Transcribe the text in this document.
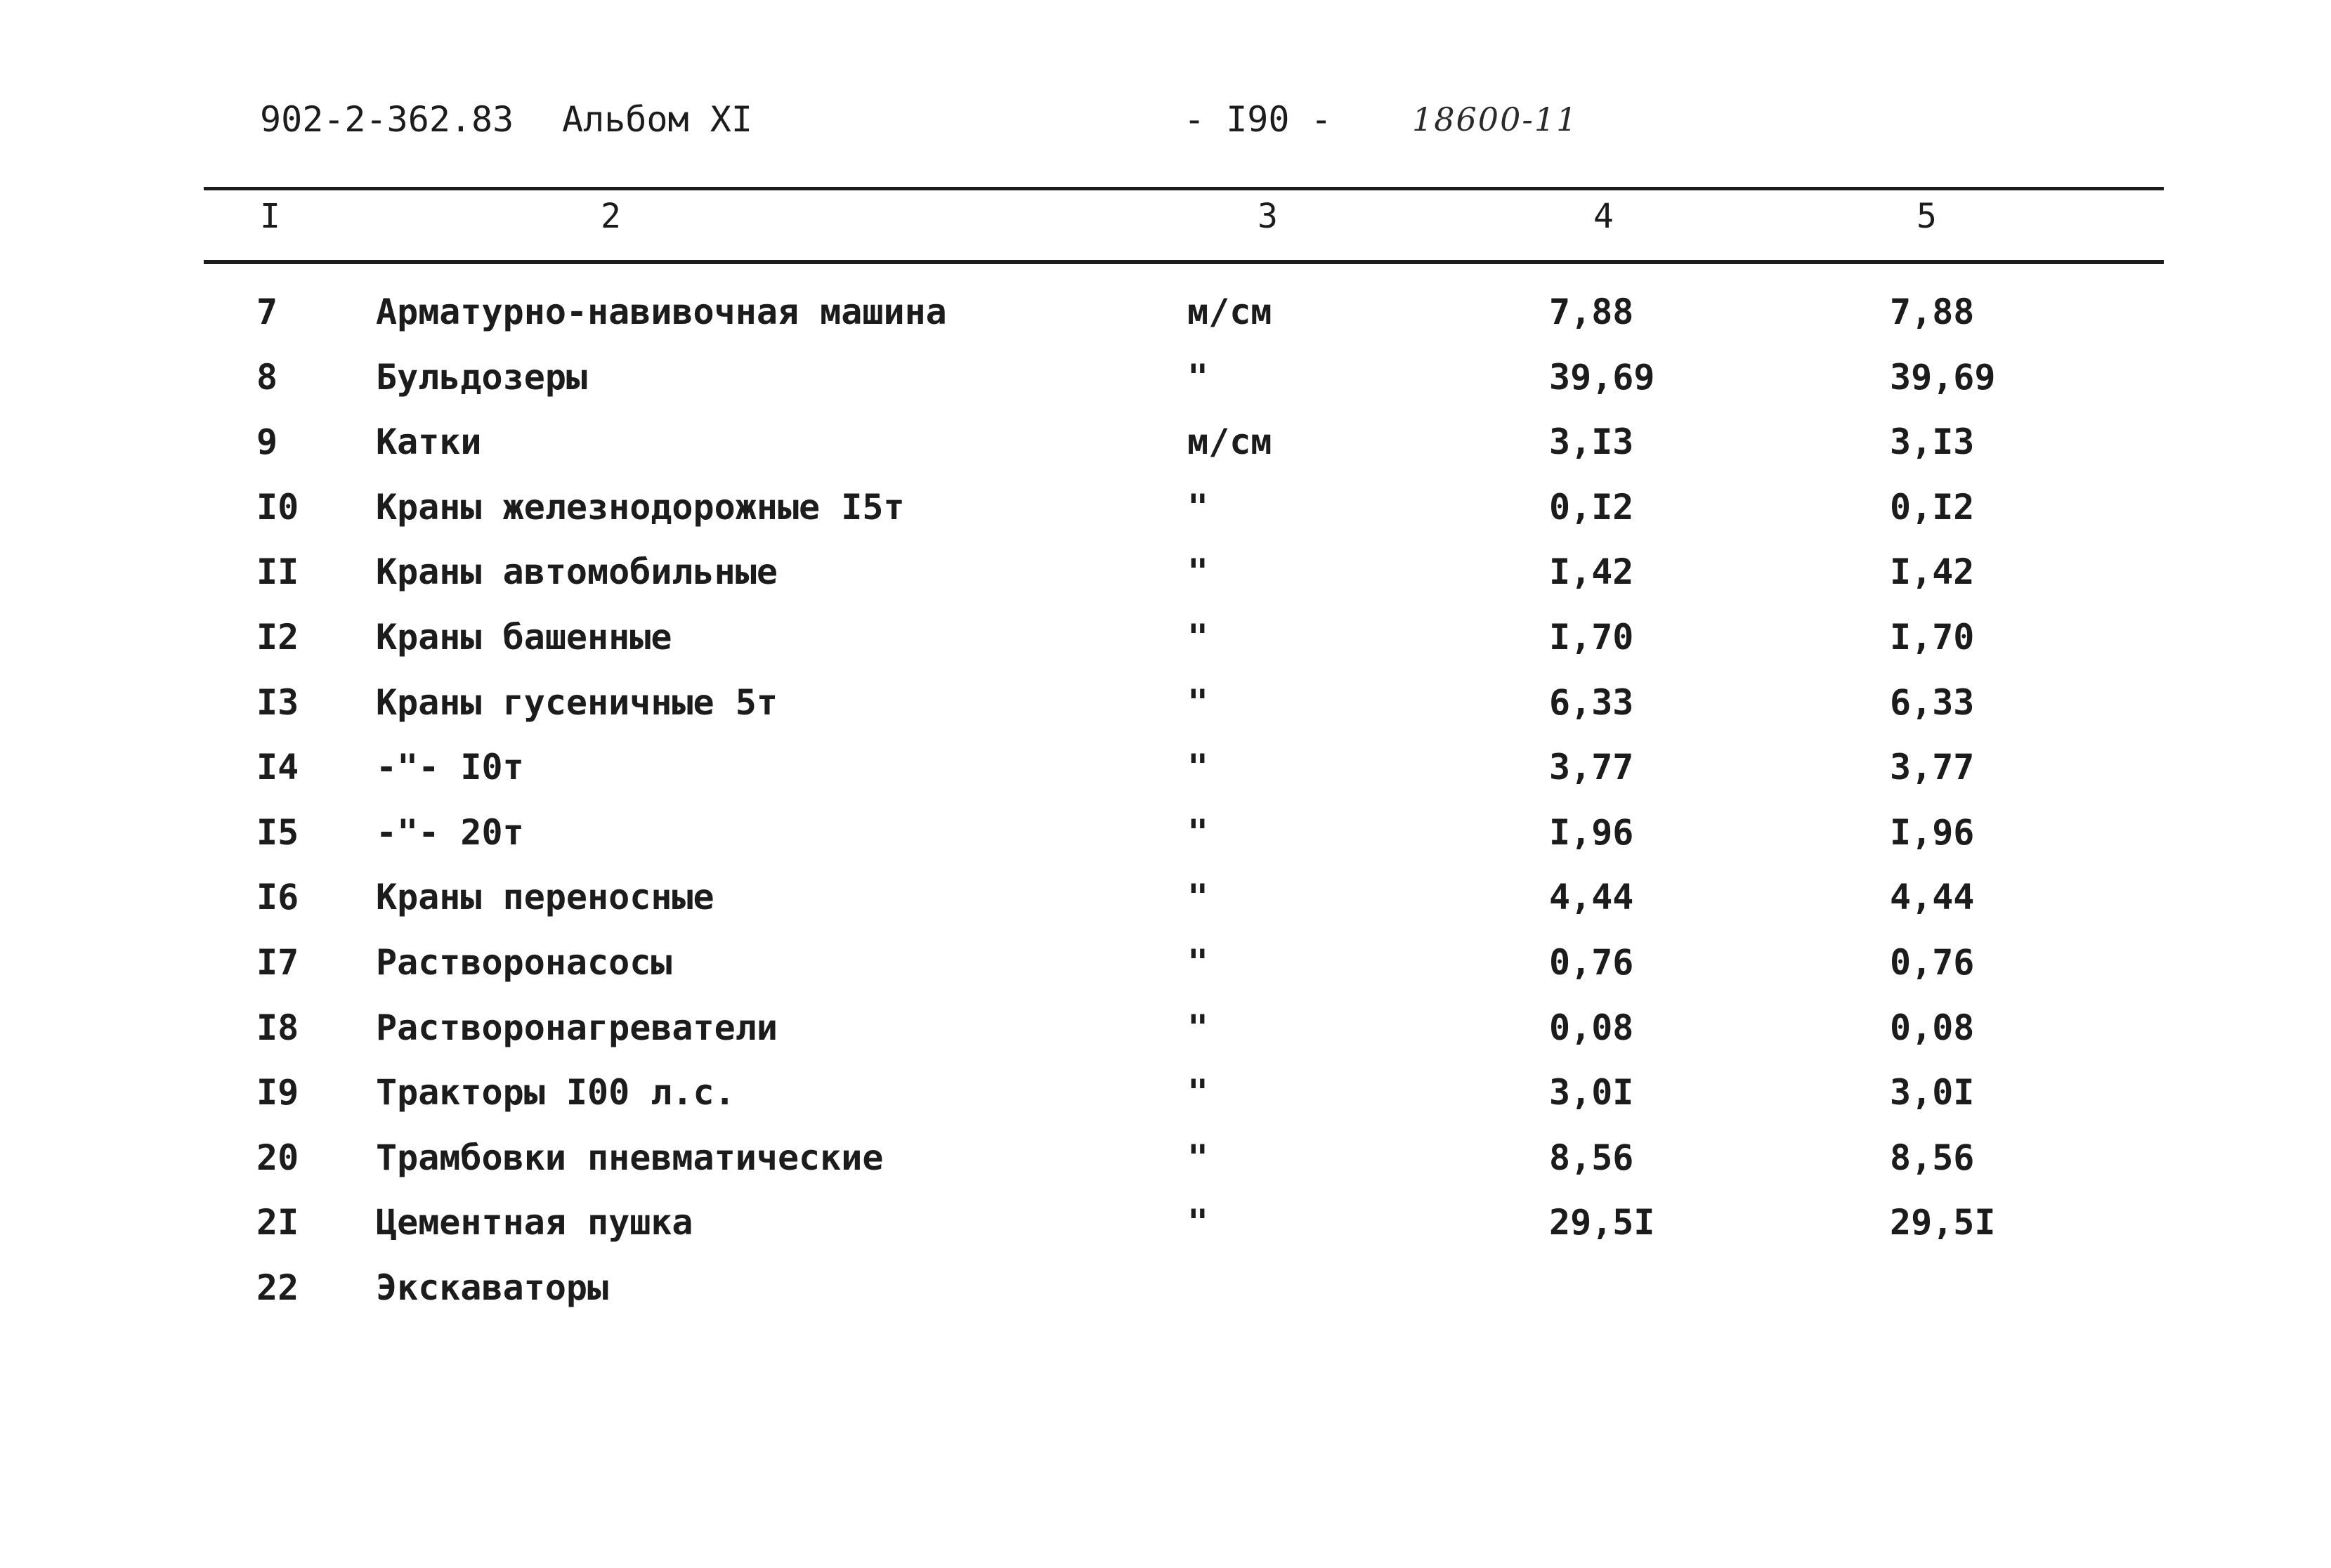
902-2-362.83 Альбом XI	- I90 - 18600-11
I	2	3	4	5
7	Арматурно-навивочная машина	м/см	7,88	7,88
8	Бульдозеры	"	39,69	39,69
9	Катки	м/см	3,I3	3,I3
I0 Краны железнодорожные I5т	"	0,I2	0,I2
II Краны автомобильные	"	I,42	I,42
I2 Краны башенные	"	I,70	I,70
I3 Краны гусеничные 5т	"	6,33	6,33
I4 -"- I0т	"	3,77	3,77
I5 -"- 20т	"	I,96	I,96
I6 Краны переносные	"	4,44	4,44
I7 Растворонасосы	"	0,76	0,76
I8 Растворонагреватели	"	0,08	0,08
I9 Тракторы I00 л.с.	"	3,0I	3,0I
20 Трамбовки пневматические	"	8,56	8,56
2I Цементная пушка	"	29,5I	29,5I
22 Экскаваторы
